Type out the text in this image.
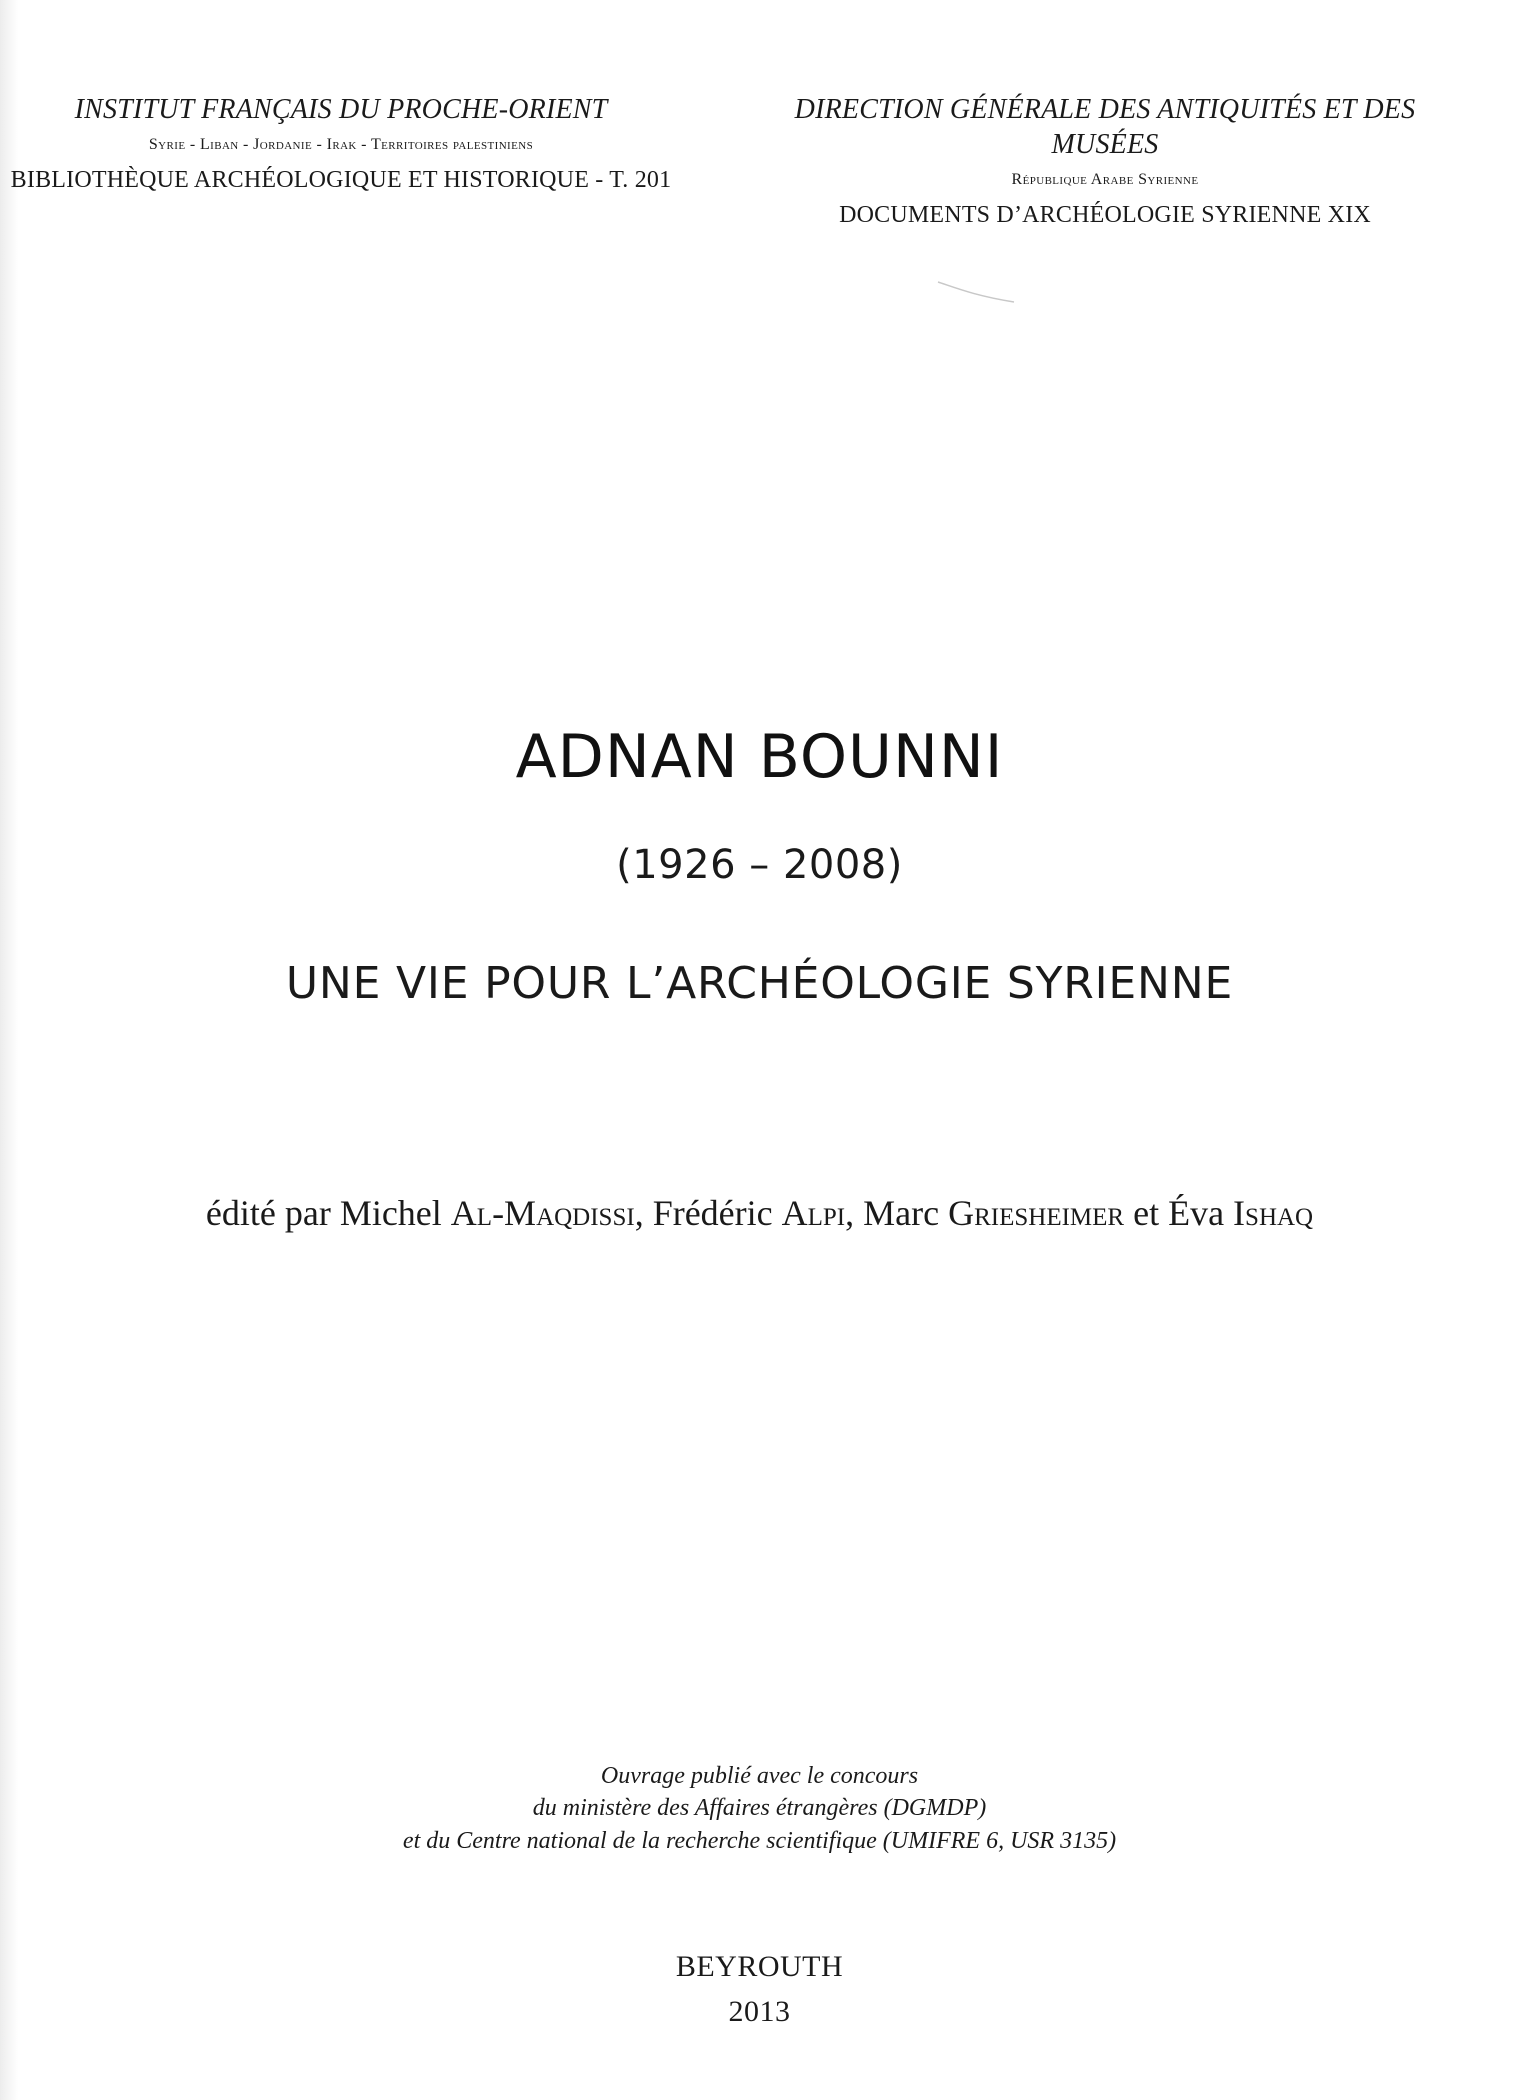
INSTITUT FRANÇAIS DU PROCHE-ORIENT
Syrie - Liban - Jordanie - Irak - Territoires palestiniens
BIBLIOTHÈQUE ARCHÉOLOGIQUE ET HISTORIQUE - T. 201
DIRECTION GÉNÉRALE DES ANTIQUITÉS ET DES MUSÉES
République Arabe Syrienne
DOCUMENTS D’ARCHÉOLOGIE SYRIENNE XIX
ADNAN BOUNNI
(1926 – 2008)
UNE VIE POUR L’ARCHÉOLOGIE SYRIENNE
édité par Michel Al-Maqdissi, Frédéric Alpi, Marc Griesheimer et Éva Ishaq
Ouvrage publié avec le concours
du ministère des Affaires étrangères (DGMDP)
et du Centre national de la recherche scientifique (UMIFRE 6, USR 3135)
BEYROUTH
2013
